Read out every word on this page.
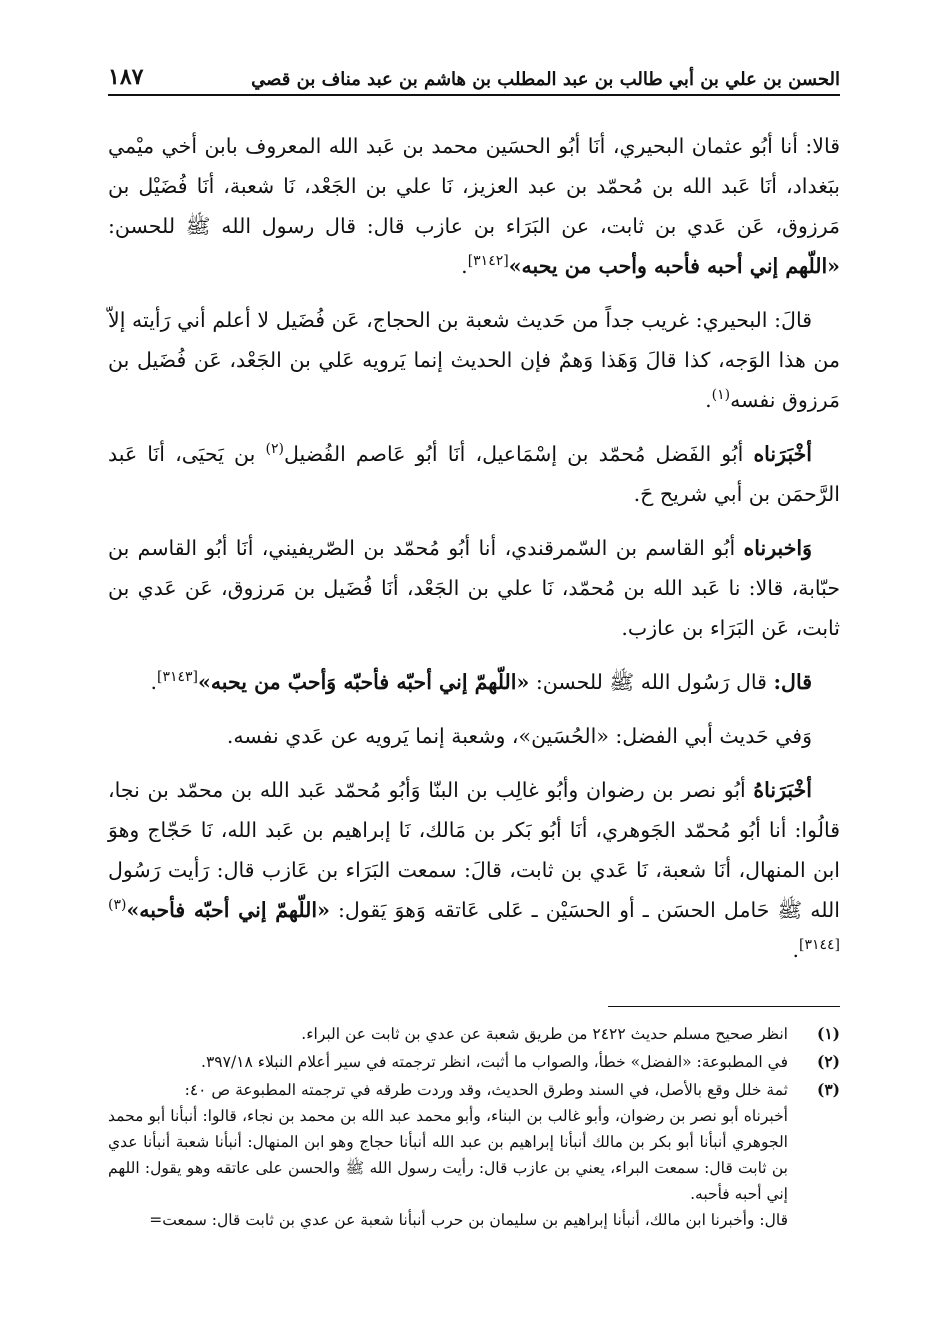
الحسن بن علي بن أبي طالب بن عبد المطلب بن هاشم بن عبد مناف بن قصي
١٨٧

قالا: أنا أبُو عثمان البحيري، أنَا أبُو الحسَين محمد بن عَبد الله المعروف بابن أخي ميْمي ببَغداد، أنَا عَبد الله بن مُحمّد بن عبد العزيز، نَا علي بن الجَعْد، نَا شعبة، أنَا فُضَيْل بن مَرزوق، عَن عَدي بن ثابت، عن البَرَاء بن عازب قال: قال رسول الله ﷺ للحسن: «اللّهم إني أحبه فأحبه وأحب من يحبه»[٣١٤٢].

قالَ: البحيري: غريب جداً من حَديث شعبة بن الحجاج، عَن فُضَيل لا أعلم أني رَأيته إلاّ من هذا الوَجه، كذا قالَ وَهَذا وَهمٌ فإن الحديث إنما يَرويه عَلي بن الجَعْد، عَن فُضَيل بن مَرزوق نفسه$^{(١)}$.

أخْبَرَناه أبُو الفَضل مُحمّد بن إسْمَاعيل، أنَا أبُو عَاصم الفُضيل$^{(٢)}$ بن يَحيَى، أنَا عَبد الرَّحمَن بن أبي شريح حَ.

وَاخبرناه أبُو القاسم بن السّمرقندي، أنا أبُو مُحمّد بن الصّريفيني، أنَا أبُو القاسم بن حبّابة، قالا: نا عَبد الله بن مُحمّد، نَا علي بن الجَعْد، أنَا فُضَيل بن مَرزوق، عَن عَدي بن ثابت، عَن البَرَاء بن عازب.

قال: قال رَسُول الله ﷺ للحسن: «اللّهمّ إني أحبّه فأحبّه وَأحبّ من يحبه»[٣١٤٣].

وَفي حَديث أبي الفضل: «الحُسَين»، وشعبة إنما يَرويه عن عَدي نفسه.

أخْبَرَناهُ أبُو نصر بن رضوان وأبُو غالِب بن البنّا وَأبُو مُحمّد عَبد الله بن محمّد بن نجا، قالُوا: أنا أبُو مُحمّد الجَوهري، أنَا أبُو بَكر بن مَالك، نَا إبراهيم بن عَبد الله، نَا حَجّاج وهوَ ابن المنهال، أنَا شعبة، نَا عَدي بن ثابت، قالَ: سمعت البَرَاء بن عَازب قال: رَأيت رَسُول الله ﷺ حَامل الحسَن ـ أو الحسَيْن ـ عَلى عَاتقه وَهوَ يَقول: «اللّهمّ إني أحبّه فأحبه»$^{(٣)[٣١٤٤]}$.

(١)
انظر صحيح مسلم حديث ٢٤٢٢ من طريق شعبة عن عدي بن ثابت عن البراء.
(٢)
في المطبوعة: «الفضل» خطأ، والصواب ما أثبت، انظر ترجمته في سير أعلام النبلاء ٣٩٧/١٨.
(٣)
ثمة خلل وقع بالأصل، في السند وطرق الحديث، وقد وردت طرقه في ترجمته المطبوعة ص ٤٠:
أخبرناه أبو نصر بن رضوان، وأبو غالب بن البناء، وأبو محمد عبد الله بن محمد بن نجاء، قالوا: أنبأنا أبو محمد الجوهري أنبأنا أبو بكر بن مالك أنبأنا إبراهيم بن عبد الله أنبأنا حجاج وهو ابن المنهال: أنبأنا شعبة أنبأنا عدي بن ثابت قال: سمعت البراء، يعني بن عازب قال: رأيت رسول الله ﷺ والحسن على عاتقه وهو يقول: اللهم إني أحبه فأحبه.
قال: وأخبرنا ابن مالك، أنبأنا إبراهيم بن سليمان بن حرب أنبأنا شعبة عن عدي بن ثابت قال: سمعت=
